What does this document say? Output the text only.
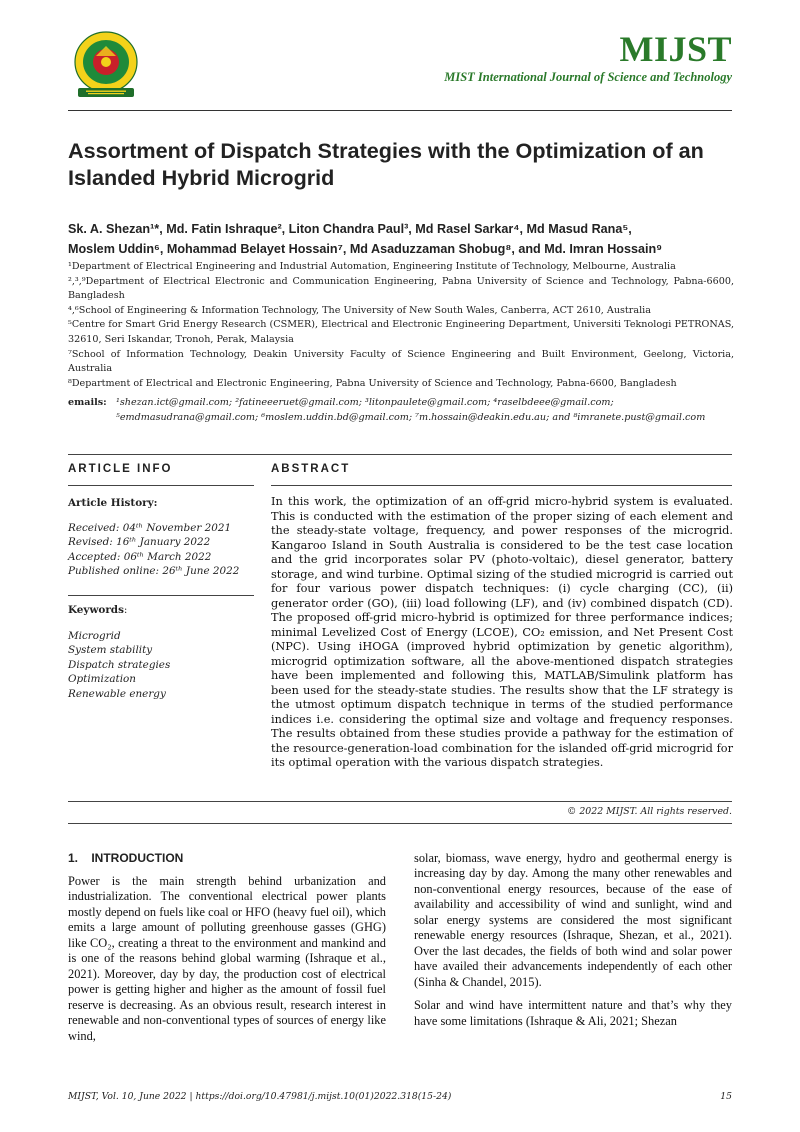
MIJST
MIST International Journal of Science and Technology
Assortment of Dispatch Strategies with the Optimization of an Islanded Hybrid Microgrid
Sk. A. Shezan¹*, Md. Fatin Ishraque², Liton Chandra Paul³, Md Rasel Sarkar⁴, Md Masud Rana⁵,
Moslem Uddin⁶, Mohammad Belayet Hossain⁷, Md Asaduzzaman Shobug⁸, and Md. Imran Hossain⁹
¹Department of Electrical Engineering and Industrial Automation, Engineering Institute of Technology, Melbourne, Australia
²,³,⁹Department of Electrical Electronic and Communication Engineering, Pabna University of Science and Technology, Pabna-6600, Bangladesh
⁴,⁶School of Engineering & Information Technology, The University of New South Wales, Canberra, ACT 2610, Australia
⁵Centre for Smart Grid Energy Research (CSMER), Electrical and Electronic Engineering Department, Universiti Teknologi PETRONAS, 32610, Seri Iskandar, Tronoh, Perak, Malaysia
⁷School of Information Technology, Deakin University Faculty of Science Engineering and Built Environment, Geelong, Victoria, Australia
⁸Department of Electrical and Electronic Engineering, Pabna University of Science and Technology, Pabna-6600, Bangladesh
emails: ¹shezan.ict@gmail.com; ²fatineeeruet@gmail.com; ³litonpaulete@gmail.com; ⁴raselbdeee@gmail.com;
⁵emdmasudrana@gmail.com; ⁶moslem.uddin.bd@gmail.com; ⁷m.hossain@deakin.edu.au; and ⁸imranete.pust@gmail.com
ARTICLE INFO	ABSTRACT
Article History:
Received: 04ᵗʰ November 2021
Revised: 16ᵗʰ January 2022
Accepted: 06ᵗʰ March 2022
Published online: 26ᵗʰ June 2022
Keywords:
Microgrid
System stability
Dispatch strategies
Optimization
Renewable energy
In this work, the optimization of an off-grid micro-hybrid system is evaluated. This is conducted with the estimation of the proper sizing of each element and the steady-state voltage, frequency, and power responses of the microgrid. Kangaroo Island in South Australia is considered to be the test case location and the grid incorporates solar PV (photo-voltaic), diesel generator, battery storage, and wind turbine. Optimal sizing of the studied microgrid is carried out for four various power dispatch techniques: (i) cycle charging (CC), (ii) generator order (GO), (iii) load following (LF), and (iv) combined dispatch (CD). The proposed off-grid micro-hybrid is optimized for three performance indices; minimal Levelized Cost of Energy (LCOE), CO₂ emission, and Net Present Cost (NPC). Using iHOGA (improved hybrid optimization by genetic algorithm), microgrid optimization software, all the above-mentioned dispatch strategies have been implemented and following this, MATLAB/Simulink platform has been used for the steady-state studies. The results show that the LF strategy is the utmost optimum dispatch technique in terms of the studied performance indices i.e. considering the optimal size and voltage and frequency responses. The results obtained from these studies provide a pathway for the estimation of the resource-generation-load combination for the islanded off-grid microgrid for its optimal operation with the various dispatch strategies.
© 2022 MIJST. All rights reserved.
1.    INTRODUCTION

Power is the main strength behind urbanization and industrialization. The conventional electrical power plants mostly depend on fuels like coal or HFO (heavy fuel oil), which emits a large amount of polluting greenhouse gasses (GHG) like CO₂, creating a threat to the environment and mankind and is one of the reasons behind global warming (Ishraque et al., 2021). Moreover, day by day, the production cost of electrical power is getting higher and higher as the amount of fossil fuel reserve is decreasing. As an obvious result, research interest in renewable and non-conventional types of sources of energy like wind,

solar, biomass, wave energy, hydro and geothermal energy is increasing day by day. Among the many other renewables and non-conventional energy resources, because of the ease of availability and accessibility of wind and sunlight, wind and solar energy systems are considered the most significant renewable energy resources (Ishraque, Shezan, et al., 2021). Over the last decades, the fields of both wind and solar power have availed their advancements independently of each other (Sinha & Chandel, 2015).

Solar and wind have intermittent nature and that’s why they have some limitations (Ishraque & Ali, 2021; Shezan

MIJST, Vol. 10, June 2022 | https://doi.org/10.47981/j.mijst.10(01)2022.318(15-24)	15
